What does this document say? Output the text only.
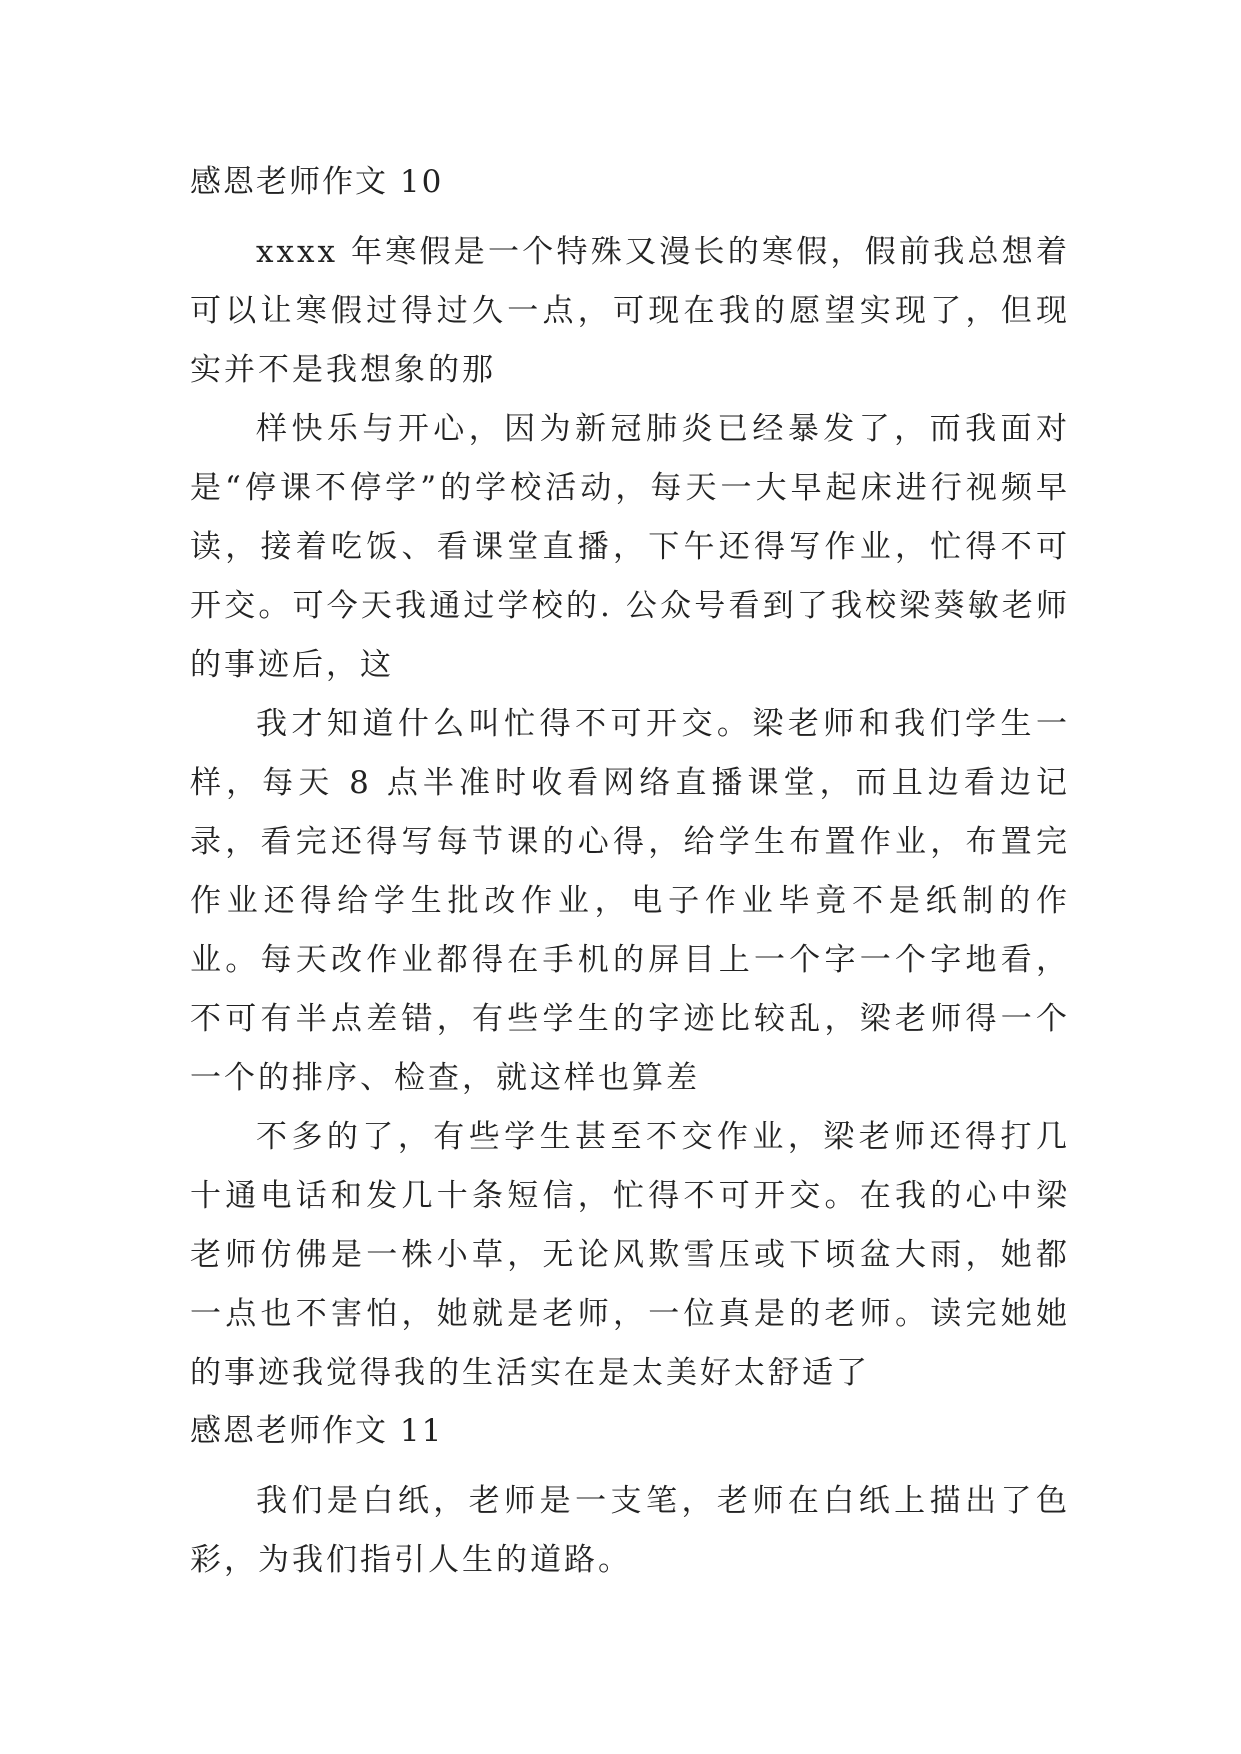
感恩老师作文 10

xxxx 年寒假是一个特殊又漫长的寒假，假前我总想着可以让寒假过得过久一点，可现在我的愿望实现了，但现实并不是我想象的那

样快乐与开心，因为新冠肺炎已经暴发了，而我面对是“停课不停学”的学校活动，每天一大早起床进行视频早读，接着吃饭、看课堂直播，下午还得写作业，忙得不可开交。可今天我通过学校的. 公众号看到了我校梁葵敏老师的事迹后，这

我才知道什么叫忙得不可开交。梁老师和我们学生一样，每天 8 点半准时收看网络直播课堂，而且边看边记录，看完还得写每节课的心得，给学生布置作业，布置完作业还得给学生批改作业，电子作业毕竟不是纸制的作业。每天改作业都得在手机的屏目上一个字一个字地看，不可有半点差错，有些学生的字迹比较乱，梁老师得一个一个的排序、检查，就这样也算差

不多的了，有些学生甚至不交作业，梁老师还得打几十通电话和发几十条短信，忙得不可开交。在我的心中梁老师仿佛是一株小草，无论风欺雪压或下顷盆大雨，她都一点也不害怕，她就是老师，一位真是的老师。读完她她的事迹我觉得我的生活实在是太美好太舒适了

感恩老师作文 11

我们是白纸，老师是一支笔，老师在白纸上描出了色彩，为我们指引人生的道路。
